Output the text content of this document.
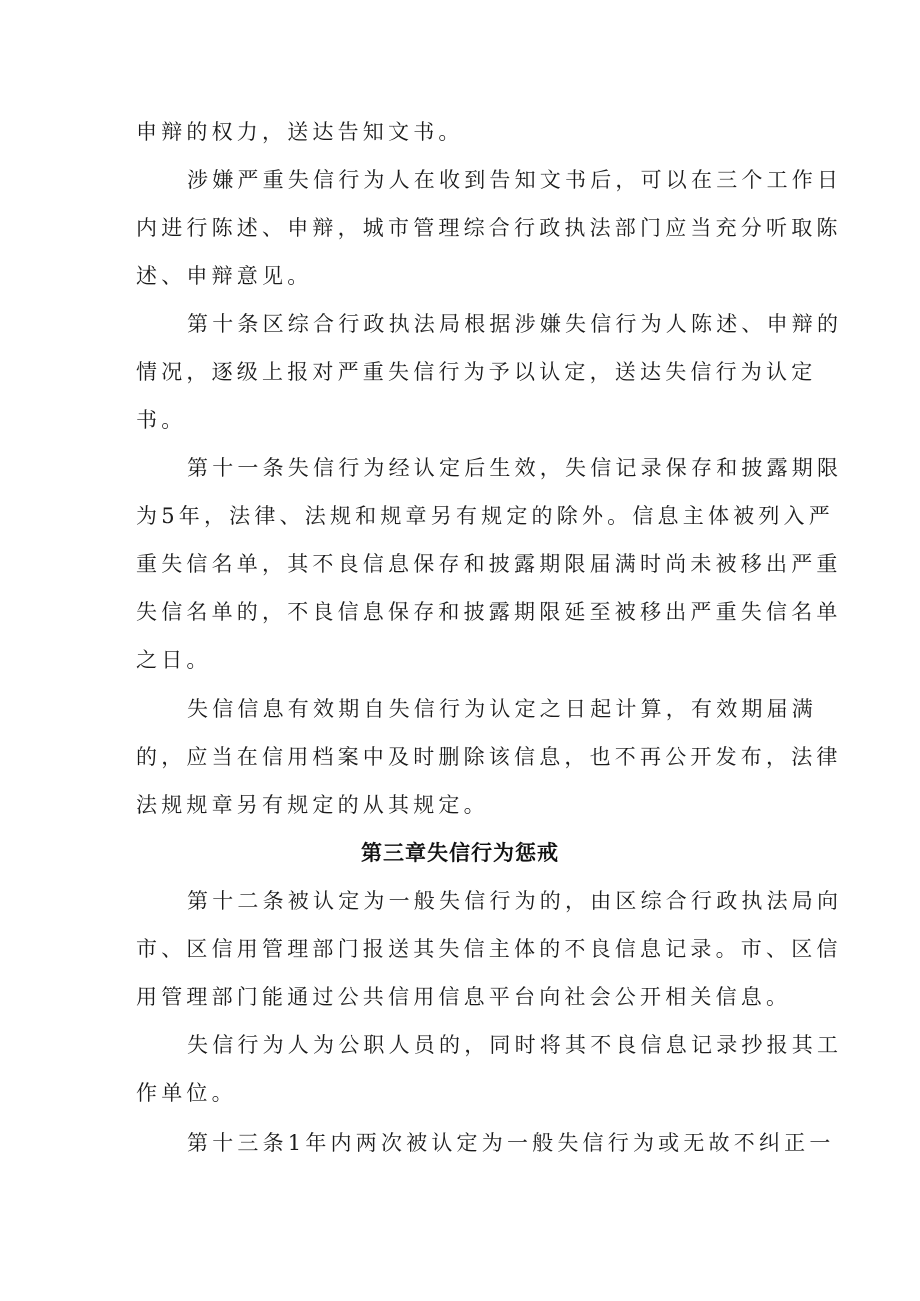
申辩的权力，送达告知文书。
涉嫌严重失信行为人在收到告知文书后，可以在三个工作日
内进行陈述、申辩，城市管理综合行政执法部门应当充分听取陈
述、申辩意见。
第十条区综合行政执法局根据涉嫌失信行为人陈述、申辩的
情况，逐级上报对严重失信行为予以认定，送达失信行为认定
书。
第十一条失信行为经认定后生效，失信记录保存和披露期限
为5年，法律、法规和规章另有规定的除外。信息主体被列入严
重失信名单，其不良信息保存和披露期限届满时尚未被移出严重
失信名单的，不良信息保存和披露期限延至被移出严重失信名单
之日。
失信信息有效期自失信行为认定之日起计算，有效期届满
的，应当在信用档案中及时删除该信息，也不再公开发布，法律
法规规章另有规定的从其规定。
第三章失信行为惩戒
第十二条被认定为一般失信行为的，由区综合行政执法局向
市、区信用管理部门报送其失信主体的不良信息记录。市、区信
用管理部门能通过公共信用信息平台向社会公开相关信息。
失信行为人为公职人员的，同时将其不良信息记录抄报其工
作单位。
第十三条1年内两次被认定为一般失信行为或无故不纠正一
